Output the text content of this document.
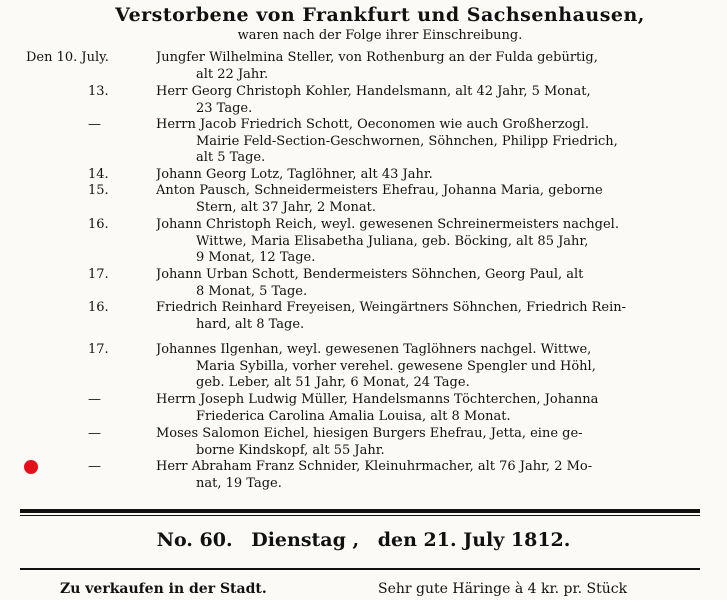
Verstorbene von Frankfurt und Sachsenhausen,
waren nach der Folge ihrer Einschreibung.
Den 10. July.	Jungfer Wilhelmina Steller, von Rothenburg an der Fulda gebürtig,
alt 22 Jahr.
13.	Herr Georg Christoph Kohler, Handelsmann, alt 42 Jahr, 5 Monat,
23 Tage.
—	Herrn Jacob Friedrich Schott, Oeconomen wie auch Großherzogl.
Mairie Feld-Section-Geschwornen, Söhnchen, Philipp Friedrich,
alt 5 Tage.
14.	Johann Georg Lotz, Taglöhner, alt 43 Jahr.
15.	Anton Pausch, Schneidermeisters Ehefrau, Johanna Maria, geborne
Stern, alt 37 Jahr, 2 Monat.
16.	Johann Christoph Reich, weyl. gewesenen Schreinermeisters nachgel.
Wittwe, Maria Elisabetha Juliana, geb. Böcking, alt 85 Jahr,
9 Monat, 12 Tage.
17.	Johann Urban Schott, Bendermeisters Söhnchen, Georg Paul, alt
8 Monat, 5 Tage.
16.	Friedrich Reinhard Freyeisen, Weingärtners Söhnchen, Friedrich Rein-
hard, alt 8 Tage.
17.	Johannes Ilgenhan, weyl. gewesenen Taglöhners nachgel. Wittwe,
Maria Sybilla, vorher verehel. gewesene Spengler und Höhl,
geb. Leber, alt 51 Jahr, 6 Monat, 24 Tage.
—	Herrn Joseph Ludwig Müller, Handelsmanns Töchterchen, Johanna
Friederica Carolina Amalia Louisa, alt 8 Monat.
—	Moses Salomon Eichel, hiesigen Burgers Ehefrau, Jetta, eine ge-
borne Kindskopf, alt 55 Jahr.
—	Herr Abraham Franz Schnider, Kleinuhrmacher, alt 76 Jahr, 2 Mo-
nat, 19 Tage.
No. 60. Dienstag , den 21. July 1812.
Zu verkaufen in der Stadt.	Sehr gute Häringe à 4 kr. pr. Stück
